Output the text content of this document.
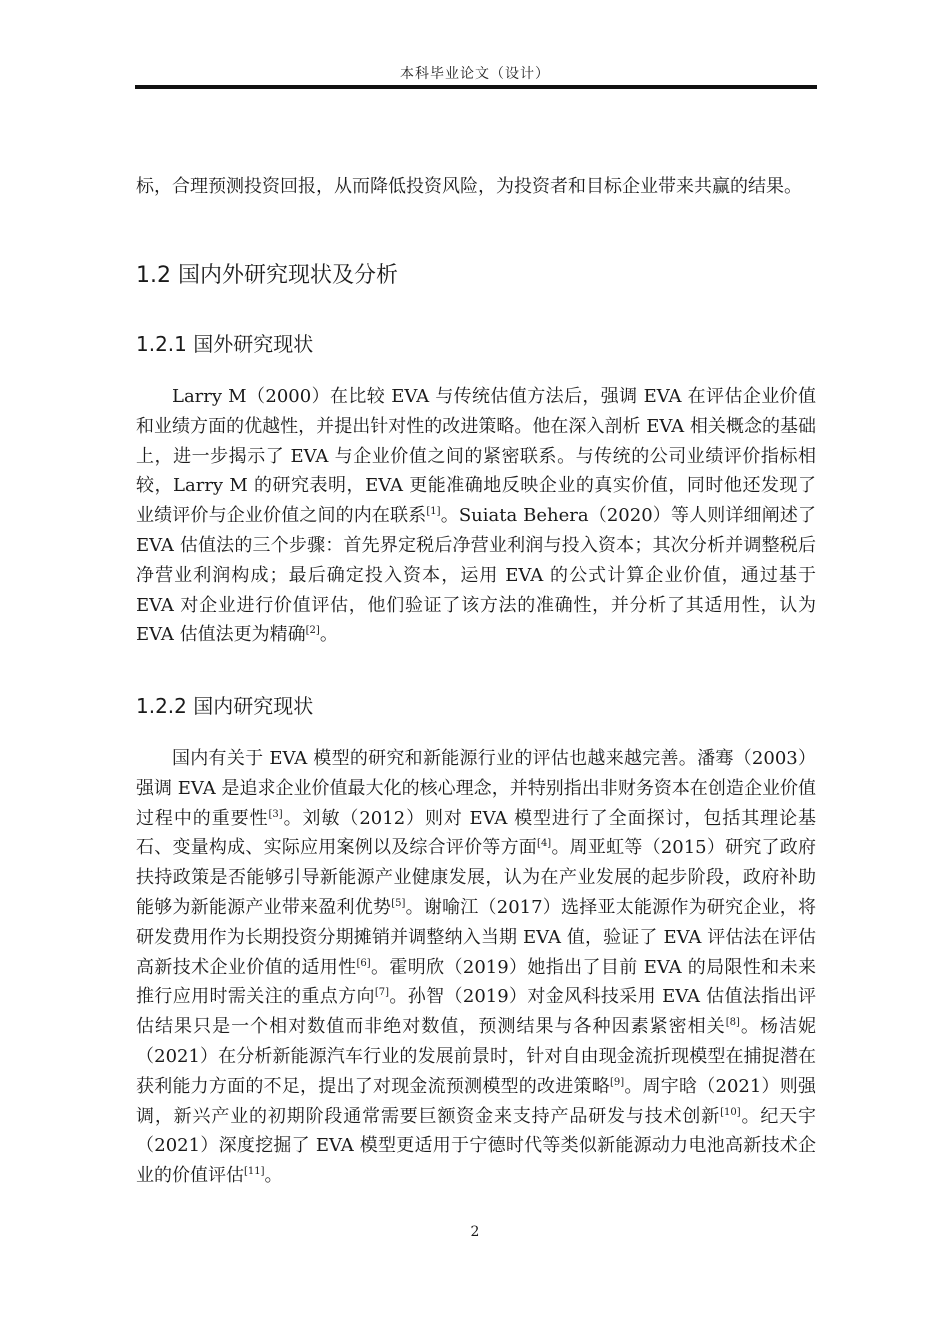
本科毕业论文（设计）

标，合理预测投资回报，从而降低投资风险，为投资者和目标企业带来共赢的结果。

1.2 国内外研究现状及分析
1.2.1 国外研究现状

Larry M（2000）在比较 EVA 与传统估值方法后，强调 EVA 在评估企业价值和业绩方面的优越性，并提出针对性的改进策略。他在深入剖析 EVA 相关概念的基础上，进一步揭示了 EVA 与企业价值之间的紧密联系。与传统的公司业绩评价指标相较，Larry M 的研究表明，EVA 更能准确地反映企业的真实价值，同时他还发现了业绩评价与企业价值之间的内在联系[1]。Suiata Behera（2020）等人则详细阐述了 EVA 估值法的三个步骤：首先界定税后净营业利润与投入资本；其次分析并调整税后净营业利润构成；最后确定投入资本，运用 EVA 的公式计算企业价值，通过基于 EVA 对企业进行价值评估，他们验证了该方法的准确性，并分析了其适用性，认为 EVA 估值法更为精确[2]。

1.2.2 国内研究现状

国内有关于 EVA 模型的研究和新能源行业的评估也越来越完善。潘骞（2003）强调 EVA 是追求企业价值最大化的核心理念，并特别指出非财务资本在创造企业价值过程中的重要性[3]。刘敏（2012）则对 EVA 模型进行了全面探讨，包括其理论基石、变量构成、实际应用案例以及综合评价等方面[4]。周亚虹等（2015）研究了政府扶持政策是否能够引导新能源产业健康发展，认为在产业发展的起步阶段，政府补助能够为新能源产业带来盈利优势[5]。谢喻江（2017）选择亚太能源作为研究企业，将研发费用作为长期投资分期摊销并调整纳入当期 EVA 值，验证了 EVA 评估法在评估高新技术企业价值的适用性[6]。霍明欣（2019）她指出了目前 EVA 的局限性和未来推行应用时需关注的重点方向[7]。孙智（2019）对金风科技采用 EVA 估值法指出评估结果只是一个相对数值而非绝对数值，预测结果与各种因素紧密相关[8]。杨洁妮（2021）在分析新能源汽车行业的发展前景时，针对自由现金流折现模型在捕捉潜在获利能力方面的不足，提出了对现金流预测模型的改进策略[9]。周宇晗（2021）则强调，新兴产业的初期阶段通常需要巨额资金来支持产品研发与技术创新[10]。纪天宇（2021）深度挖掘了 EVA 模型更适用于宁德时代等类似新能源动力电池高新技术企业的价值评估[11]。

2
